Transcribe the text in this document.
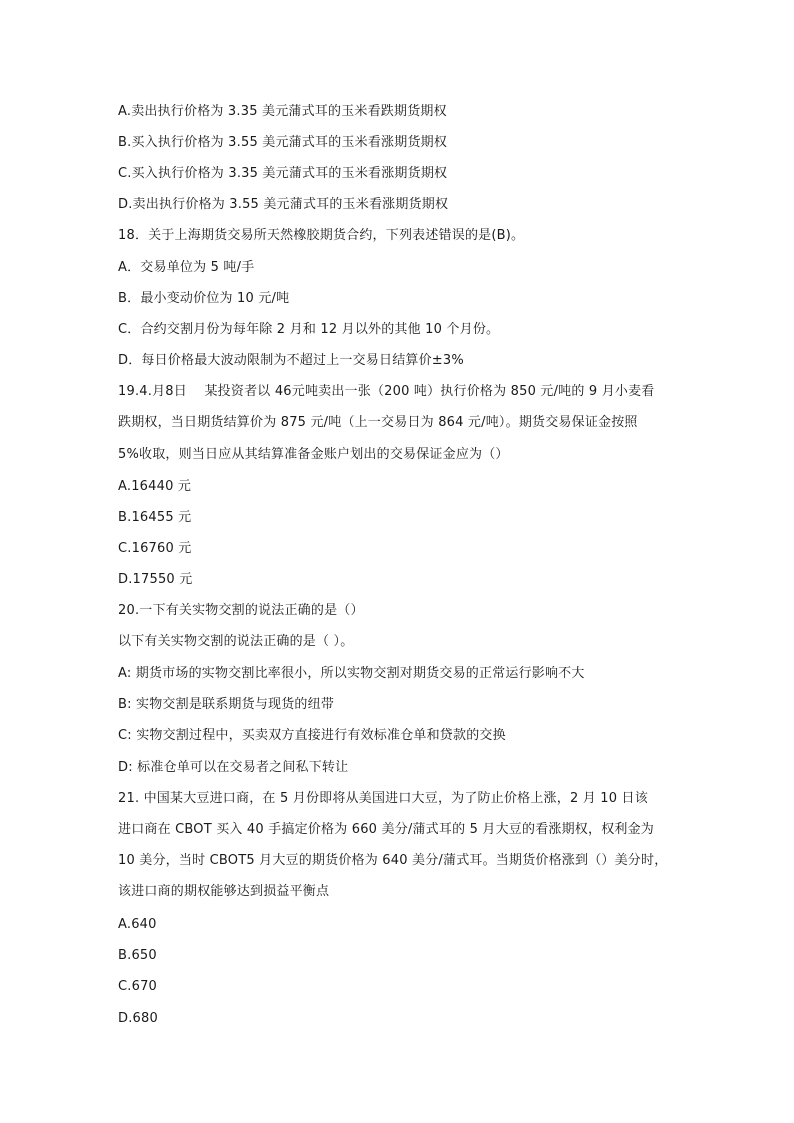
A.卖出执行价格为 3.35 美元蒲式耳的玉米看跌期货期权
B.买入执行价格为 3.55 美元蒲式耳的玉米看涨期货期权
C.买入执行价格为 3.35 美元蒲式耳的玉米看涨期货期权
D.卖出执行价格为 3.55 美元蒲式耳的玉米看涨期货期权
18．关于上海期货交易所天然橡胶期货合约，下列表述错误的是(B)。
A．交易单位为 5 吨/手
B．最小变动价位为 10 元/吨
C．合约交割月份为每年除 2 月和 12 月以外的其他 10 个月份。
D．每日价格最大波动限制为不超过上一交易日结算价±3%
19.4.月8日　 某投资者以 46元吨卖出一张（200 吨）执行价格为 850 元/吨的 9 月小麦看
跌期权，当日期货结算价为 875 元/吨（上一交易日为 864 元/吨）。期货交易保证金按照
5%收取，则当日应从其结算准备金账户划出的交易保证金应为（）
A.16440 元
B.16455 元
C.16760 元
D.17550 元
20.一下有关实物交割的说法正确的是（）
以下有关实物交割的说法正确的是（ ）。
A: 期货市场的实物交割比率很小，所以实物交割对期货交易的正常运行影响不大
B: 实物交割是联系期货与现货的纽带
C: 实物交割过程中，买卖双方直接进行有效标准仓单和贷款的交换
D: 标准仓单可以在交易者之间私下转让
21. 中国某大豆进口商，在 5 月份即将从美国进口大豆，为了防止价格上涨，2 月 10 日该
进口商在 CBOT 买入 40 手搞定价格为 660 美分/蒲式耳的 5 月大豆的看涨期权，权利金为
10 美分，当时 CBOT5 月大豆的期货价格为 640 美分/蒲式耳。当期货价格涨到（）美分时，
该进口商的期权能够达到损益平衡点
A.640
B.650
C.670
D.680
